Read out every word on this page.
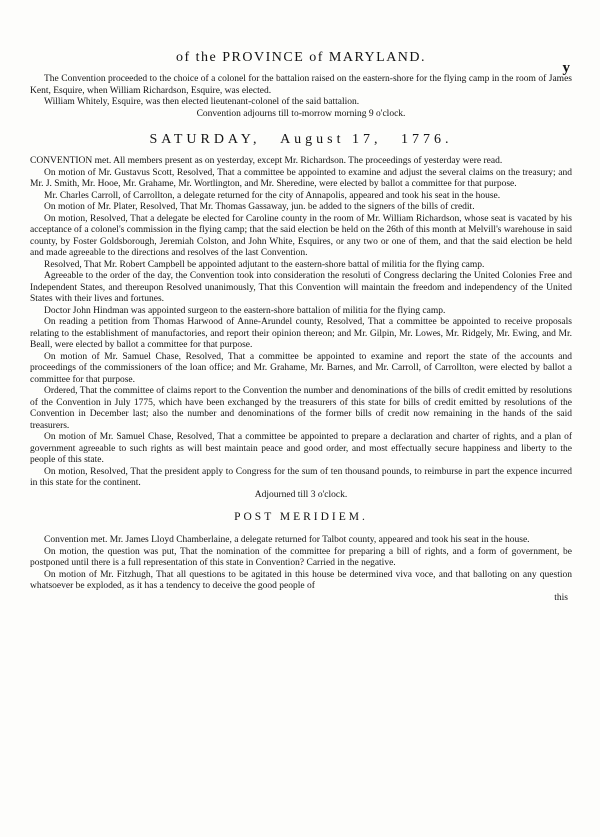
of the PROVINCE of MARYLAND.
y

The Convention proceeded to the choice of a colonel for the battalion raised on the eastern-shore for the flying camp in the room of James Kent, Esquire, when William Richardson, Esquire, was elected.

William Whitely, Esquire, was then elected lieutenant-colonel of the said battalion.

Convention adjourns till to-morrow morning 9 o'clock.

SATURDAY, August 17, 1776.

CONVENTION met. All members present as on yesterday, except Mr. Richardson. The proceedings of yesterday were read.

On motion of Mr. Gustavus Scott, Resolved, That a committee be appointed to examine and adjust the several claims on the treasury; and Mr. J. Smith, Mr. Hooe, Mr. Grahame, Mr. Wortlington, and Mr. Sheredine, were elected by ballot a committee for that purpose.

Mr. Charles Carroll, of Carrollton, a delegate returned for the city of Annapolis, appeared and took his seat in the house.

On motion of Mr. Plater, Resolved, That Mr. Thomas Gassaway, jun. be added to the signers of the bills of credit.

On motion, Resolved, That a delegate be elected for Caroline county in the room of Mr. William Richardson, whose seat is vacated by his acceptance of a colonel's commission in the flying camp; that the said election be held on the 26th of this month at Melvill's warehouse in said county, by Foster Goldsborough, Jeremiah Colston, and John White, Esquires, or any two or one of them, and that the said election be held and made agreeable to the directions and resolves of the last Convention.

Resolved, That Mr. Robert Campbell be appointed adjutant to the eastern-shore battal of militia for the flying camp.

Agreeable to the order of the day, the Convention took into consideration the resoluti of Congress declaring the United Colonies Free and Independent States, and thereupon Resolved unanimously, That this Convention will maintain the freedom and independency of the United States with their lives and fortunes.

Doctor John Hindman was appointed surgeon to the eastern-shore battalion of militia for the flying camp.

On reading a petition from Thomas Harwood of Anne-Arundel county, Resolved, That a committee be appointed to receive proposals relating to the establishment of manufactories, and report their opinion thereon; and Mr. Gilpin, Mr. Lowes, Mr. Ridgely, Mr. Ewing, and Mr. Beall, were elected by ballot a committee for that purpose.

On motion of Mr. Samuel Chase, Resolved, That a committee be appointed to examine and report the state of the accounts and proceedings of the commissioners of the loan office; and Mr. Grahame, Mr. Barnes, and Mr. Carroll, of Carrollton, were elected by ballot a committee for that purpose.

Ordered, That the committee of claims report to the Convention the number and denominations of the bills of credit emitted by resolutions of the Convention in July 1775, which have been exchanged by the treasurers of this state for bills of credit emitted by resolutions of the Convention in December last; also the number and denominations of the former bills of credit now remaining in the hands of the said treasurers.

On motion of Mr. Samuel Chase, Resolved, That a committee be appointed to prepare a declaration and charter of rights, and a plan of government agreeable to such rights as will best maintain peace and good order, and most effectually secure happiness and liberty to the people of this state.

On motion, Resolved, That the president apply to Congress for the sum of ten thousand pounds, to reimburse in part the expence incurred in this state for the continent.

Adjourned till 3 o'clock.

POST MERIDIEM.

Convention met. Mr. James Lloyd Chamberlaine, a delegate returned for Talbot county, appeared and took his seat in the house.

On motion, the question was put, That the nomination of the committee for preparing a bill of rights, and a form of government, be postponed until there is a full representation of this state in Convention? Carried in the negative.

On motion of Mr. Fitzhugh, That all questions to be agitated in this house be determined viva voce, and that balloting on any question whatsoever be exploded, as it has a tendency to deceive the good people of

this
